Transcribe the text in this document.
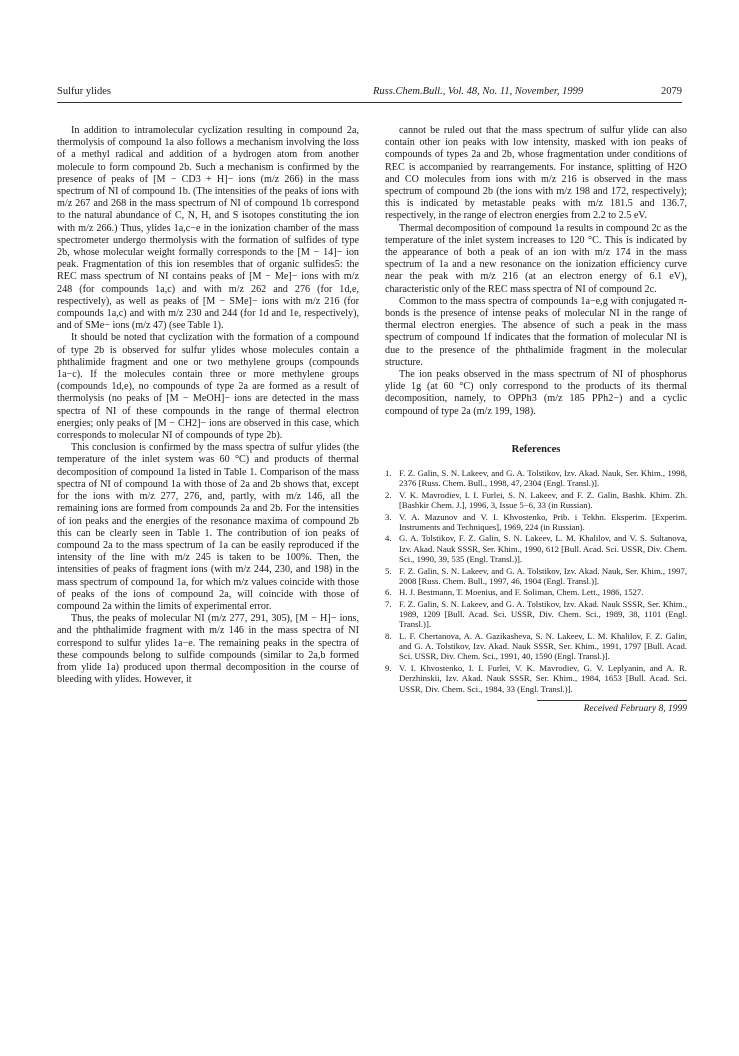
Sulfur ylides	Russ.Chem.Bull., Vol. 48, No. 11, November, 1999	2079

In addition to intramolecular cyclization resulting in compound 2a, thermolysis of compound 1a also follows a mechanism involving the loss of a methyl radical and addition of a hydrogen atom from another molecule to form compound 2b. Such a mechanism is confirmed by the presence of peaks of [M − CD3 + H]− ions (m/z 266) in the mass spectrum of NI of compound 1b. (The intensities of the peaks of ions with m/z 267 and 268 in the mass spectrum of NI of compound 1b correspond to the natural abundance of C, N, H, and S isotopes constituting the ion with m/z 266.) Thus, ylides 1a,c−e in the ionization chamber of the mass spectrometer undergo thermolysis with the formation of sulfides of type 2b, whose molecular weight formally corresponds to the [M − 14]− ion peak. Fragmentation of this ion resembles that of organic sulfides5: the REC mass spectrum of NI contains peaks of [M − Me]− ions with m/z 248 (for compounds 1a,c) and with m/z 262 and 276 (for 1d,e, respectively), as well as peaks of [M − SMe]− ions with m/z 216 (for compounds 1a,c) and with m/z 230 and 244 (for 1d and 1e, respectively), and of SMe− ions (m/z 47) (see Table 1).

It should be noted that cyclization with the formation of a compound of type 2b is observed for sulfur ylides whose molecules contain a phthalimide fragment and one or two methylene groups (compounds 1a−c). If the molecules contain three or more methylene groups (compounds 1d,e), no compounds of type 2a are formed as a result of thermolysis (no peaks of [M − MeOH]− ions are detected in the mass spectra of NI of these compounds in the range of thermal electron energies; only peaks of [M − CH2]− ions are observed in this case, which corresponds to molecular NI of compounds of type 2b).

This conclusion is confirmed by the mass spectra of sulfur ylides (the temperature of the inlet system was 60 °C) and products of thermal decomposition of compound 1a listed in Table 1. Comparison of the mass spectra of NI of compound 1a with those of 2a and 2b shows that, except for the ions with m/z 277, 276, and, partly, with m/z 146, all the remaining ions are formed from compounds 2a and 2b. For the intensities of ion peaks and the energies of the resonance maxima of compound 2b this can be clearly seen in Table 1. The contribution of ion peaks of compound 2a to the mass spectrum of 1a can be easily reproduced if the intensity of the line with m/z 245 is taken to be 100%. Then, the intensities of peaks of fragment ions (with m/z 244, 230, and 198) in the mass spectrum of compound 1a, for which m/z values coincide with those of peaks of the ions of compound 2a, will coincide with those of compound 2a within the limits of experimental error.

Thus, the peaks of molecular NI (m/z 277, 291, 305), [M − H]− ions, and the phthalimide fragment with m/z 146 in the mass spectra of NI correspond to sulfur ylides 1a−e. The remaining peaks in the spectra of these compounds belong to sulfide compounds (similar to 2a,b formed from ylide 1a) produced upon thermal decomposition in the course of bleeding with ylides. However, it

cannot be ruled out that the mass spectrum of sulfur ylide can also contain other ion peaks with low intensity, masked with ion peaks of compounds of types 2a and 2b, whose fragmentation under conditions of REC is accompanied by rearrangements. For instance, splitting of H2O and CO molecules from ions with m/z 216 is observed in the mass spectrum of compound 2b (the ions with m/z 198 and 172, respectively); this is indicated by metastable peaks with m/z 181.5 and 136.7, respectively, in the range of electron energies from 2.2 to 2.5 eV.

Thermal decomposition of compound 1a results in compound 2c as the temperature of the inlet system increases to 120 °C. This is indicated by the appearance of both a peak of an ion with m/z 174 in the mass spectrum of 1a and a new resonance on the ionization efficiency curve near the peak with m/z 216 (at an electron energy of 6.1 eV), characteristic only of the REC mass spectra of NI of compound 2c.

Common to the mass spectra of compounds 1a−e,g with conjugated π-bonds is the presence of intense peaks of molecular NI in the range of thermal electron energies. The absence of such a peak in the mass spectrum of compound 1f indicates that the formation of molecular NI is due to the presence of the phthalimide fragment in the molecular structure.

The ion peaks observed in the mass spectrum of NI of phosphorus ylide 1g (at 60 °C) only correspond to the products of its thermal decomposition, namely, to OPPh3 (m/z 185 PPh2−) and a cyclic compound of type 2a (m/z 199, 198).

References
1. F. Z. Galin, S. N. Lakeev, and G. A. Tolstikov, Izv. Akad. Nauk, Ser. Khim., 1998, 2376 [Russ. Chem. Bull., 1998, 47, 2304 (Engl. Transl.)].
2. V. K. Mavrodiev, I. I. Furlei, S. N. Lakeev, and F. Z. Galin, Bashk. Khim. Zh. [Bashkir Chem. J.], 1996, 3, Issue 5−6, 33 (in Russian).
3. V. A. Mazunov and V. I. Khvostenko, Prib. i Tekhn. Eksperim. [Experim. Instruments and Techniques], 1969, 224 (in Russian).
4. G. A. Tolstikov, F. Z. Galin, S. N. Lakeev, L. M. Khalilov, and V. S. Sultanova, Izv. Akad. Nauk SSSR, Ser. Khim., 1990, 612 [Bull. Acad. Sci. USSR, Div. Chem. Sci., 1990, 39, 535 (Engl. Transl.)].
5. F. Z. Galin, S. N. Lakeev, and G. A. Tolstikov, Izv. Akad. Nauk, Ser. Khim., 1997, 2008 [Russ. Chem. Bull., 1997, 46, 1904 (Engl. Transl.)].
6. H. J. Bestmann, T. Moenius, and F. Soliman, Chem. Lett., 1986, 1527.
7. F. Z. Galin, S. N. Lakeev, and G. A. Tolstikov, Izv. Akad. Nauk SSSR, Ser. Khim., 1989, 1209 [Bull. Acad. Sci. USSR, Div. Chem. Sci., 1989, 38, 1101 (Engl. Transl.)].
8. L. F. Chertanova, A. A. Gazikasheva, S. N. Lakeev, L. M. Khalilov, F. Z. Galin, and G. A. Tolstikov, Izv. Akad. Nauk SSSR, Ser. Khim., 1991, 1797 [Bull. Acad. Sci. USSR, Div. Chem. Sci., 1991, 40, 1590 (Engl. Transl.)].
9. V. I. Khvostenko, I. I. Furlei, V. K. Mavrodiev, G. V. Leplyanin, and A. R. Derzhinskii, Izv. Akad. Nauk SSSR, Ser. Khim., 1984, 1653 [Bull. Acad. Sci. USSR, Div. Chem. Sci., 1984, 33 (Engl. Transl.)].
Received February 8, 1999
